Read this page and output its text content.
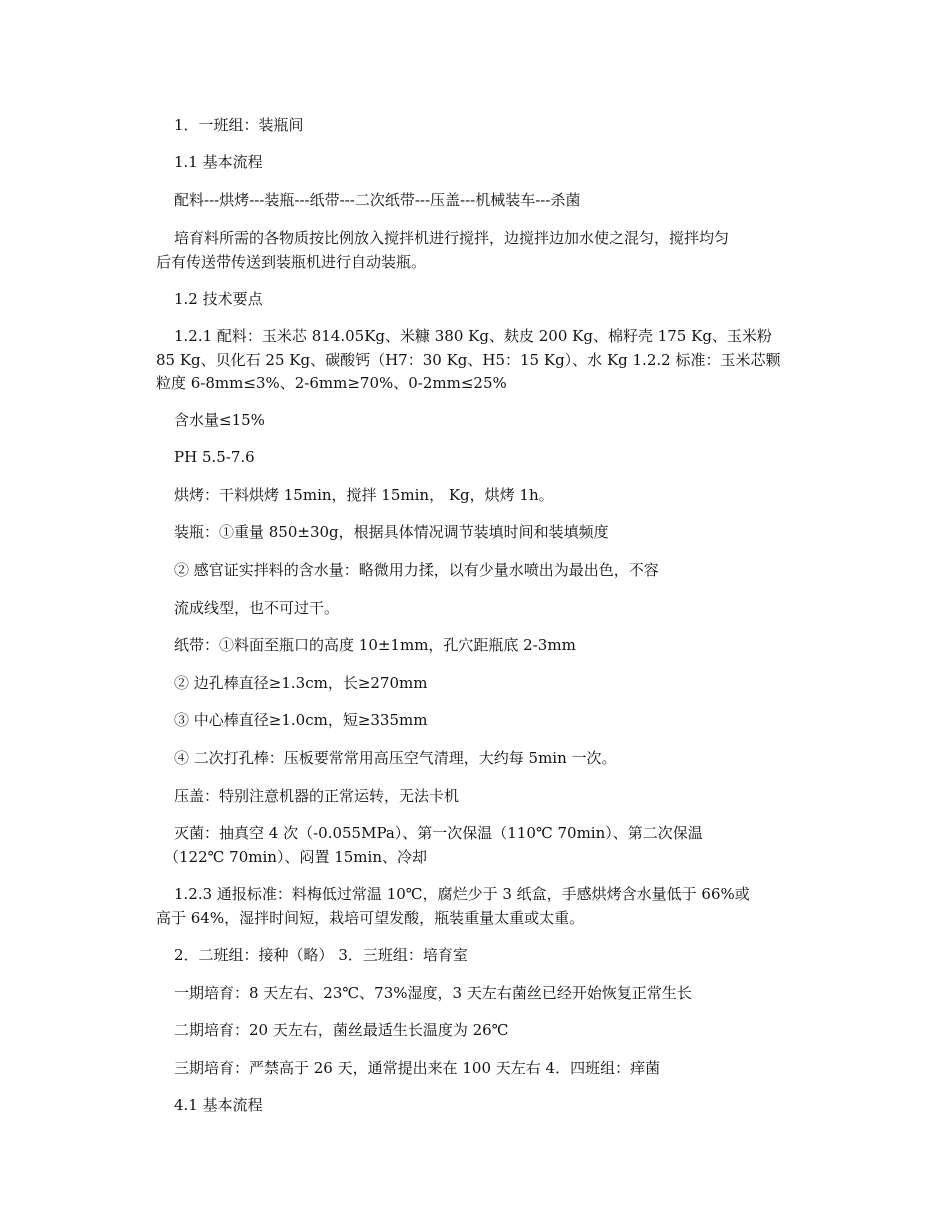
1．一班组：装瓶间
1.1 基本流程
配料---烘烤---装瓶---纸带---二次纸带---压盖---机械装车---杀菌
培育料所需的各物质按比例放入搅拌机进行搅拌，边搅拌边加水使之混匀，搅拌均匀
后有传送带传送到装瓶机进行自动装瓶。
1.2 技术要点
1.2.1 配料：玉米芯 814.05Kg、米糠 380 Kg、麸皮 200 Kg、棉籽壳 175 Kg、玉米粉
85 Kg、贝化石 25 Kg、碳酸钙（H7：30 Kg、H5：15 Kg）、水 Kg 1.2.2 标准：玉米芯颗
粒度 6-8mm≤3%、2-6mm≥70%、0-2mm≤25%
含水量≤15%
PH 5.5-7.6
烘烤：干料烘烤 15min，搅拌 15min， Kg，烘烤 1h。
装瓶：①重量 850±30g，根据具体情况调节装填时间和装填频度
② 感官证实拌料的含水量：略微用力揉，以有少量水喷出为最出色，不容
流成线型，也不可过干。
纸带：①料面至瓶口的高度 10±1mm，孔穴距瓶底 2-3mm
② 边孔棒直径≥1.3cm，长≥270mm
③ 中心棒直径≥1.0cm，短≥335mm
④ 二次打孔棒：压板要常常用高压空气清理，大约每 5min 一次。
压盖：特别注意机器的正常运转，无法卡机
灭菌：抽真空 4 次（-0.055MPa）、第一次保温（110℃ 70min）、第二次保温
（122℃ 70min）、闷置 15min、冷却
1.2.3 通报标准：料梅低过常温 10℃，腐烂少于 3 纸盒，手感烘烤含水量低于 66%或
高于 64%，湿拌时间短，栽培可望发酸，瓶装重量太重或太重。
2．二班组：接种（略） 3．三班组：培育室
一期培育：8 天左右、23℃、73%湿度，3 天左右菌丝已经开始恢复正常生长
二期培育：20 天左右，菌丝最适生长温度为 26℃
三期培育：严禁高于 26 天，通常提出来在 100 天左右 4．四班组：痒菌
4.1 基本流程
